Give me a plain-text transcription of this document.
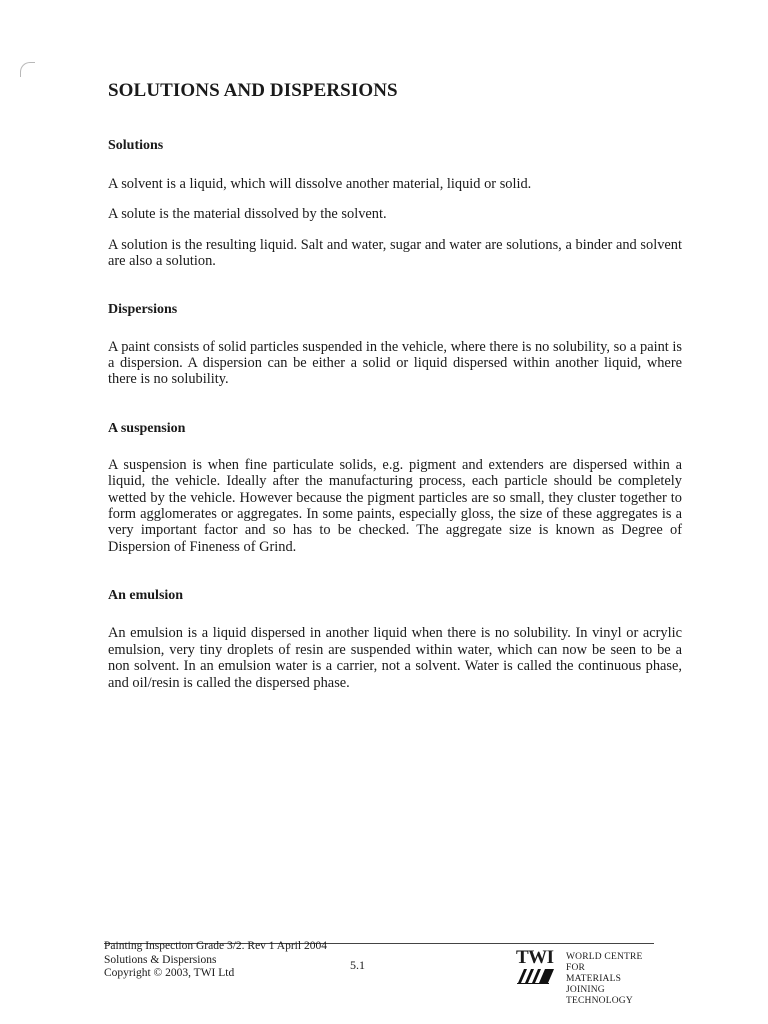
SOLUTIONS AND DISPERSIONS
Solutions

A solvent is a liquid, which will dissolve another material, liquid or solid.

A solute is the material dissolved by the solvent.

A solution is the resulting liquid. Salt and water, sugar and water are solutions, a binder and solvent are also a solution.

Dispersions

A paint consists of solid particles suspended in the vehicle, where there is no solubility, so a paint is a dispersion. A dispersion can be either a solid or liquid dispersed within another liquid, where there is no solubility.

A suspension

A suspension is when fine particulate solids, e.g. pigment and extenders are dispersed within a liquid, the vehicle. Ideally after the manufacturing process, each particle should be completely wetted by the vehicle. However because the pigment particles are so small, they cluster together to form agglomerates or aggregates. In some paints, especially gloss, the size of these aggregates is a very important factor and so has to be checked. The aggregate size is known as Degree of Dispersion of Fineness of Grind.

An emulsion

An emulsion is a liquid dispersed in another liquid when there is no solubility. In vinyl or acrylic emulsion, very tiny droplets of resin are suspended within water, which can now be seen to be a non solvent. In an emulsion water is a carrier, not a solvent. Water is called the continuous phase, and oil/resin is called the dispersed phase.

Painting Inspection Grade 3/2. Rev 1 April 2004
Solutions & Dispersions
Copyright © 2003, TWI Ltd
5.1	TWI	WORLD CENTRE FOR
MATERIALS JOINING
TECHNOLOGY
